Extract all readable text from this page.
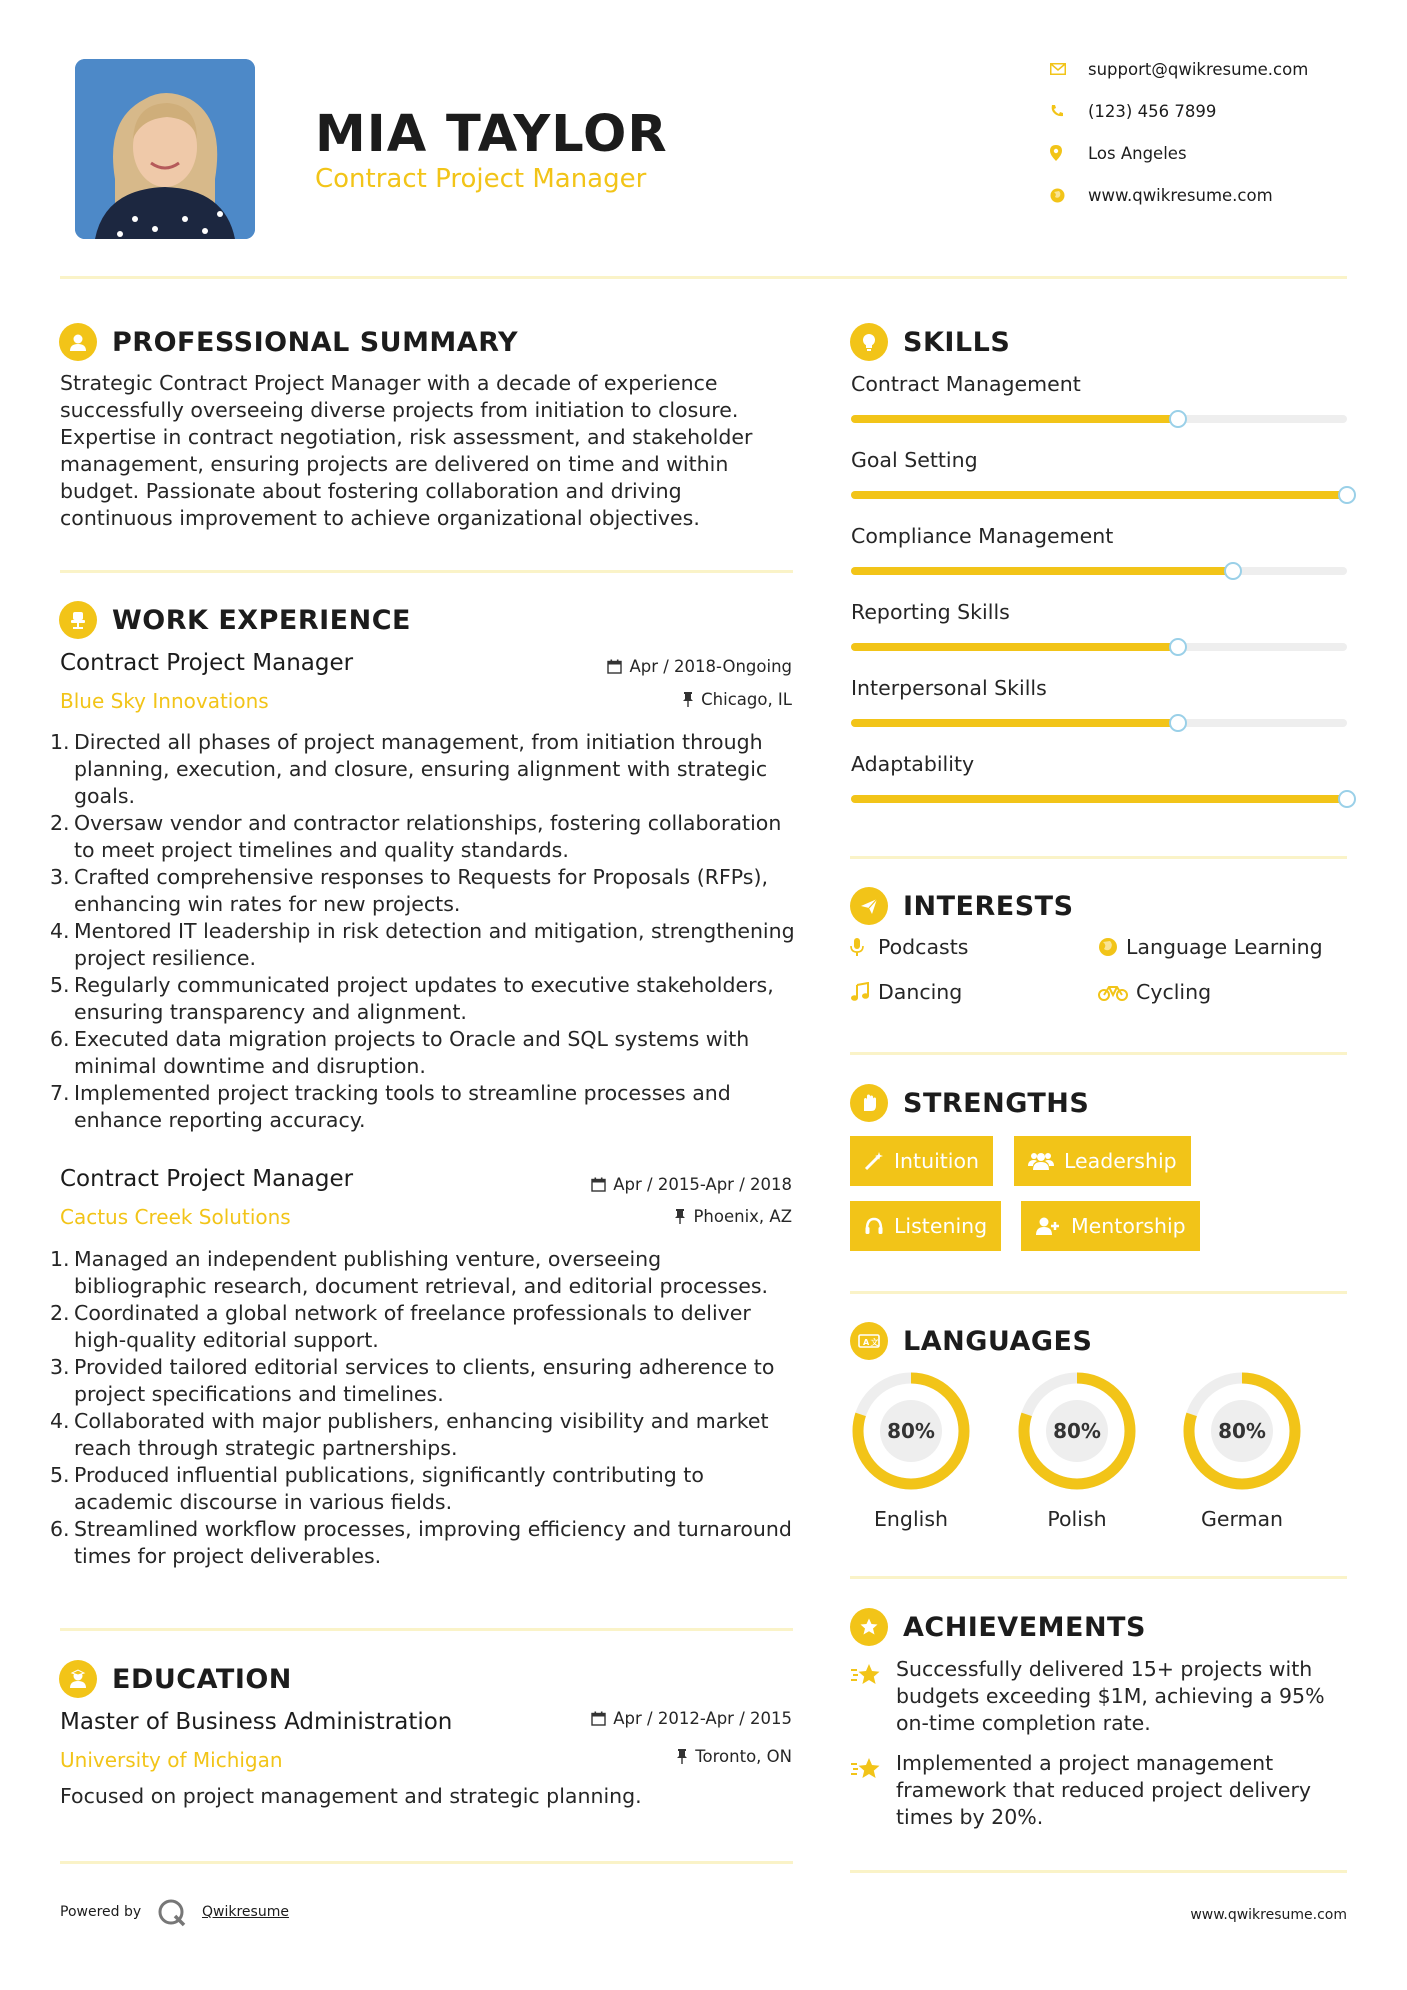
MIA TAYLOR
Contract Project Manager
support@qwikresume.com
(123) 456 7899
Los Angeles
www.qwikresume.com
PROFESSIONAL SUMMARY
Strategic Contract Project Manager with a decade of experience successfully overseeing diverse projects from initiation to closure. Expertise in contract negotiation, risk assessment, and stakeholder management, ensuring projects are delivered on time and within budget. Passionate about fostering collaboration and driving continuous improvement to achieve organizational objectives.
WORK EXPERIENCE
Contract Project Manager
Blue Sky Innovations
Apr / 2018-Ongoing
Chicago, IL
1. Directed all phases of project management, from initiation through planning, execution, and closure, ensuring alignment with strategic goals.
2. Oversaw vendor and contractor relationships, fostering collaboration to meet project timelines and quality standards.
3. Crafted comprehensive responses to Requests for Proposals (RFPs), enhancing win rates for new projects.
4. Mentored IT leadership in risk detection and mitigation, strengthening project resilience.
5. Regularly communicated project updates to executive stakeholders, ensuring transparency and alignment.
6. Executed data migration projects to Oracle and SQL systems with minimal downtime and disruption.
7. Implemented project tracking tools to streamline processes and enhance reporting accuracy.
Contract Project Manager
Cactus Creek Solutions
Apr / 2015-Apr / 2018
Phoenix, AZ
1. Managed an independent publishing venture, overseeing bibliographic research, document retrieval, and editorial processes.
2. Coordinated a global network of freelance professionals to deliver high-quality editorial support.
3. Provided tailored editorial services to clients, ensuring adherence to project specifications and timelines.
4. Collaborated with major publishers, enhancing visibility and market reach through strategic partnerships.
5. Produced influential publications, significantly contributing to academic discourse in various fields.
6. Streamlined workflow processes, improving efficiency and turnaround times for project deliverables.
EDUCATION
Master of Business Administration
University of Michigan
Apr / 2012-Apr / 2015
Toronto, ON
Focused on project management and strategic planning.
SKILLS
Contract Management
Goal Setting
Compliance Management
Reporting Skills
Interpersonal Skills
Adaptability
INTERESTS
Podcasts	Language Learning
Dancing	Cycling
STRENGTHS
Intuition	Leadership
Listening	Mentorship
A 文 LANGUAGES
80%
English
80%
Polish
80%
German
ACHIEVEMENTS
Successfully delivered 15+ projects with budgets exceeding $1M, achieving a 95% on-time completion rate.
Implemented a project management framework that reduced project delivery times by 20%.
Powered by	Qwikresume	www.qwikresume.com
